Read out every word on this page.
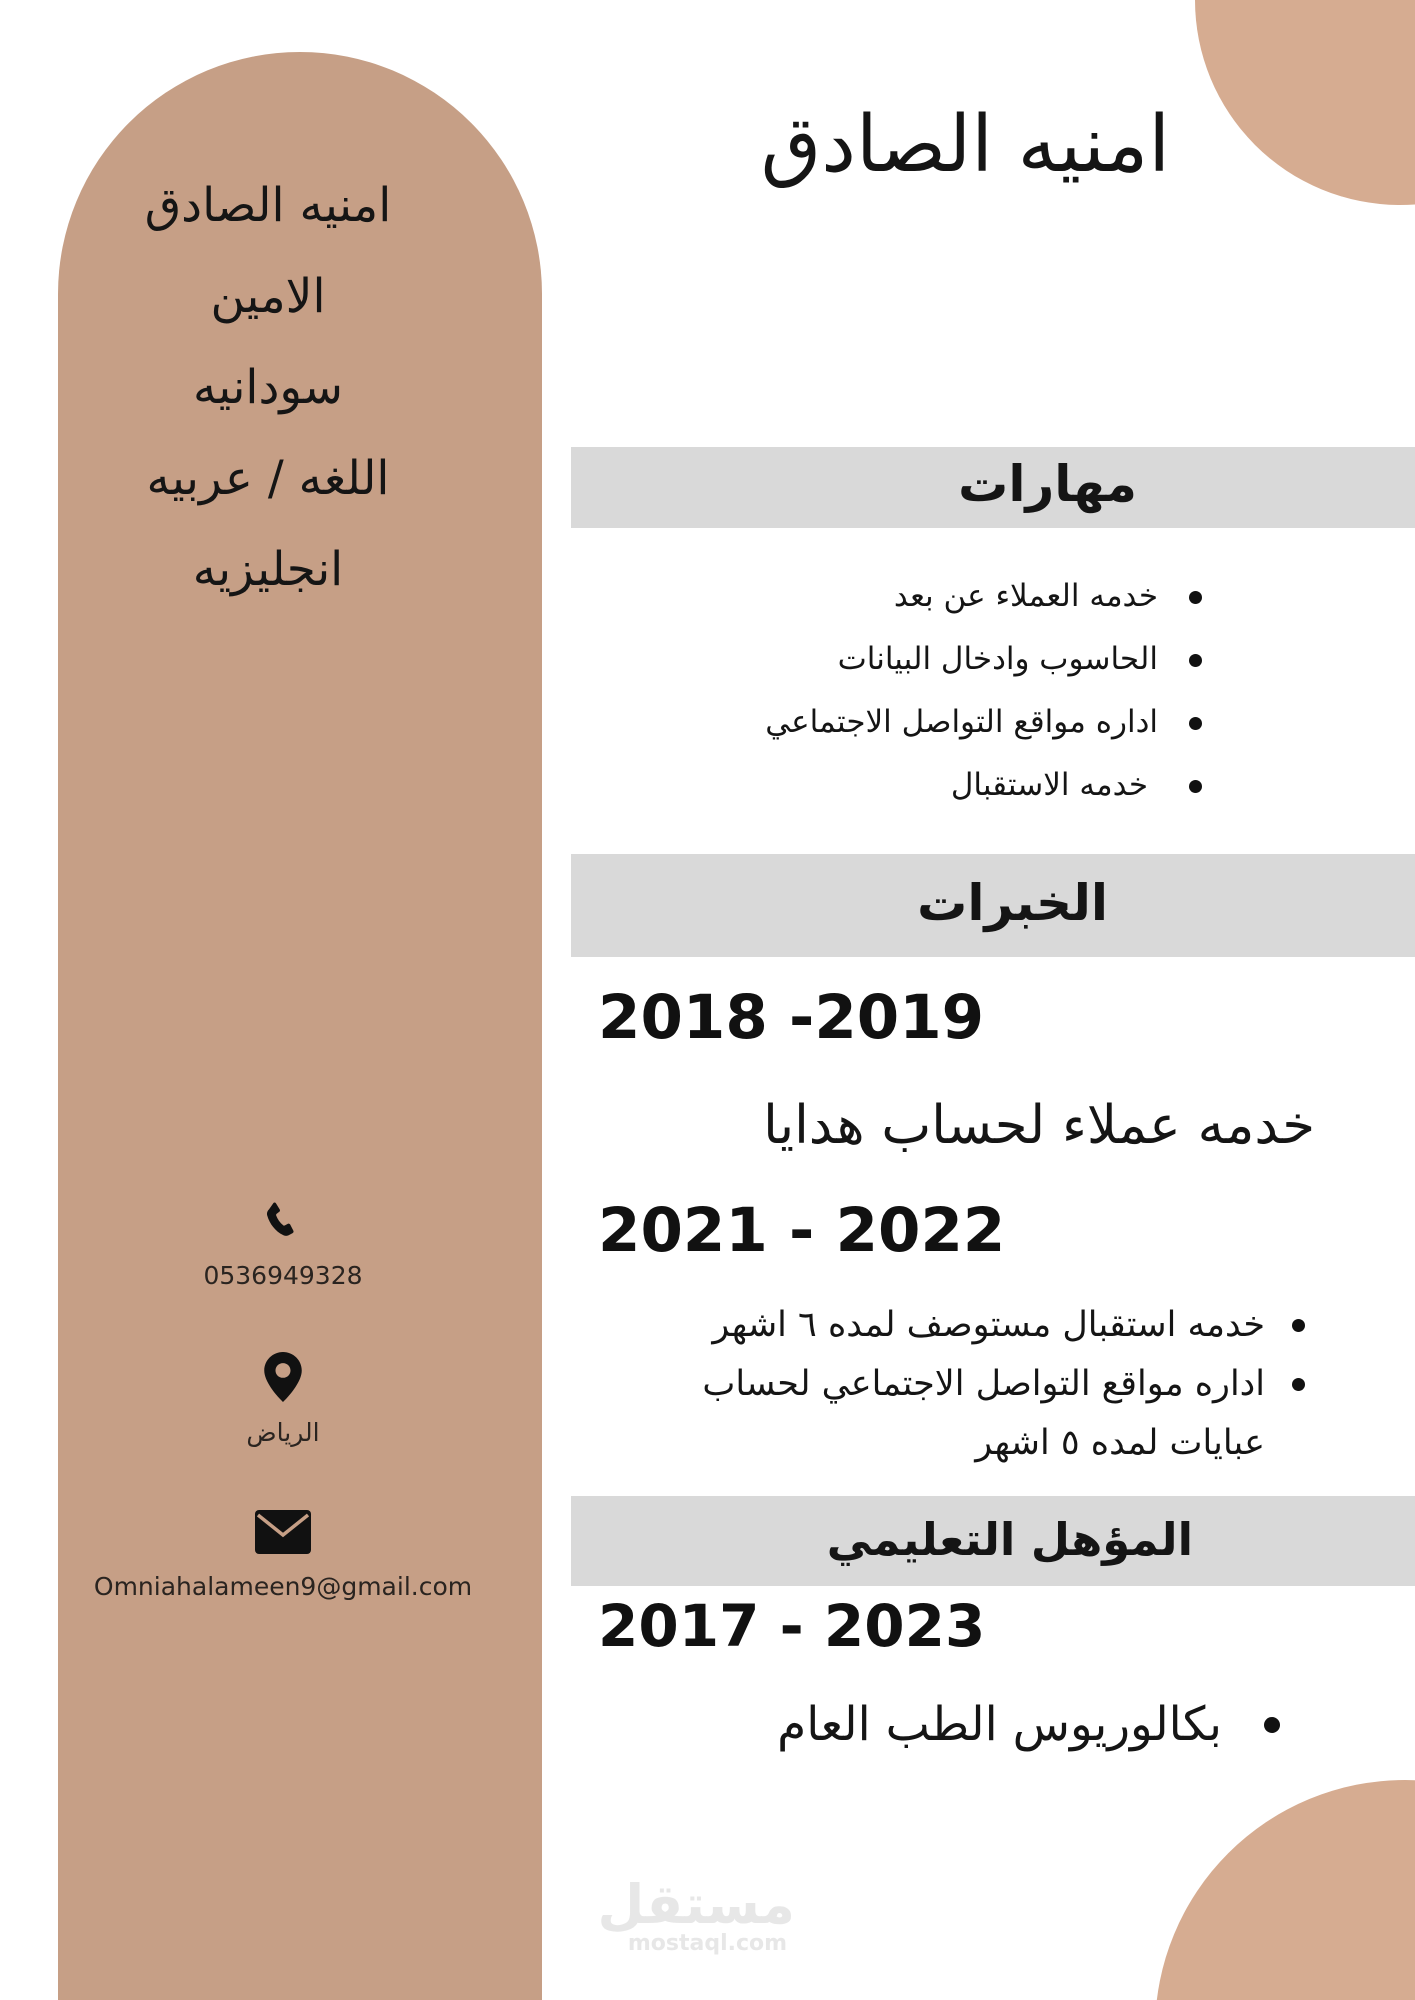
امنيه الصادق
الامين
سودانيه
اللغه / عربيه
انجليزيه
0536949328
الرياض
Omniahalameen9@gmail.com
امنيه الصادق
مهارات
خدمه العملاء عن بعد
الحاسوب وادخال البيانات
اداره مواقع التواصل الاجتماعي
خدمه الاستقبال
الخبرات
2018 -2019
خدمه عملاء لحساب هدايا
2021 - 2022
خدمه استقبال مستوصف لمده ٦ اشهر
اداره مواقع التواصل الاجتماعي لحساب
عبايات لمده ٥ اشهر
المؤهل التعليمي
2017 - 2023
بكالوريوس الطب العام
مستقل
mostaql.com
